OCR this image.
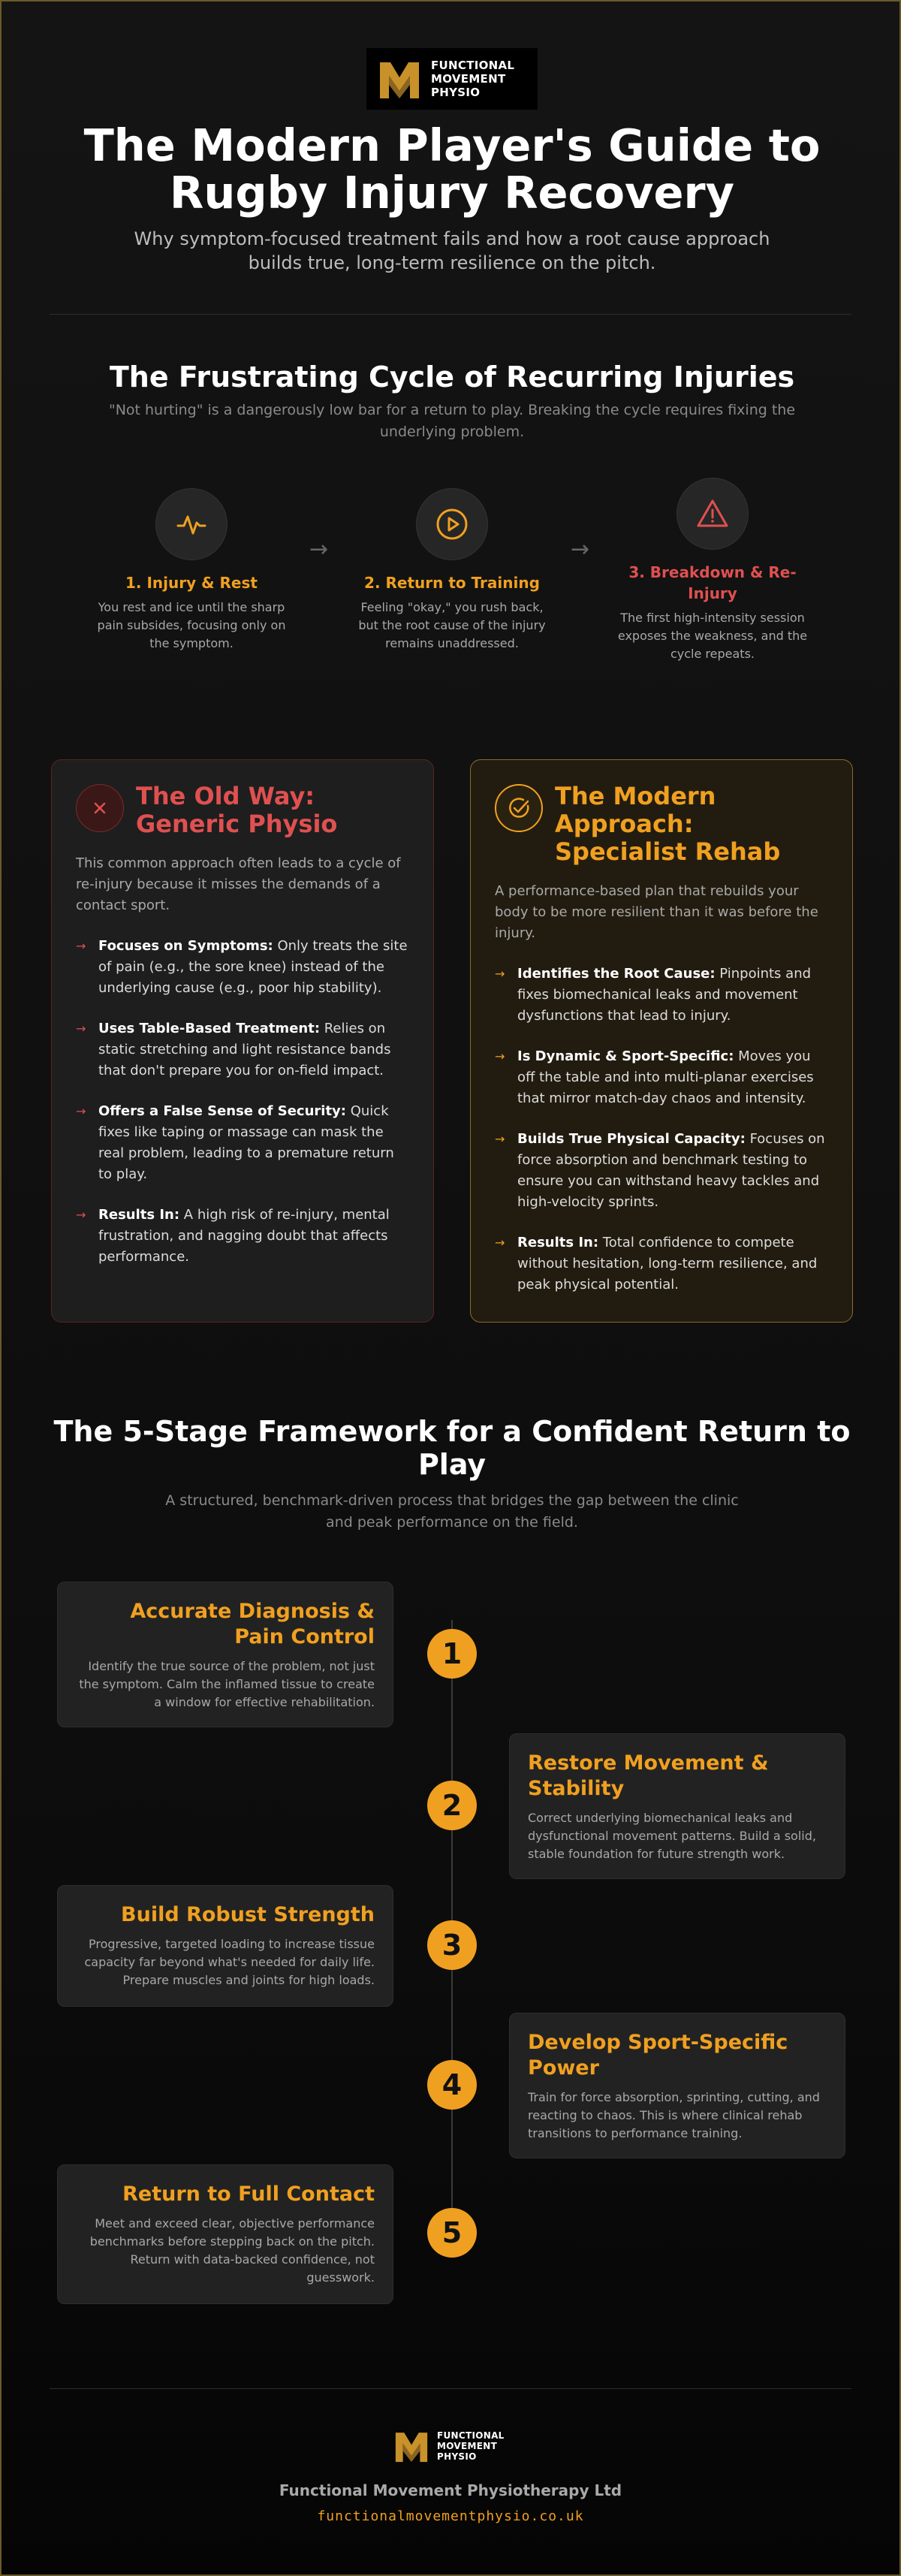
FUNCTIONAL
MOVEMENT
PHYSIO
The Modern Player's Guide to Rugby Injury Recovery

Why symptom-focused treatment fails and how a root cause approach builds true, long-term resilience on the pitch.

The Frustrating Cycle of Recurring Injuries

"Not hurting" is a dangerously low bar for a return to play. Breaking the cycle requires fixing the underlying problem.

1. Injury & Rest
You rest and ice until the sharp pain subsides, focusing only on the symptom.
→
2. Return to Training
Feeling "okay," you rush back, but the root cause of the injury remains unaddressed.
→
3. Breakdown & Re-Injury
The first high-intensity session exposes the weakness, and the cycle repeats.
The Old Way: Generic Physio

This common approach often leads to a cycle of re-injury because it misses the demands of a contact sport.

→ Focuses on Symptoms: Only treats the site of pain (e.g., the sore knee) instead of the underlying cause (e.g., poor hip stability).
→ Uses Table-Based Treatment: Relies on static stretching and light resistance bands that don't prepare you for on-field impact.
→ Offers a False Sense of Security: Quick fixes like taping or massage can mask the real problem, leading to a premature return to play.
→ Results In: A high risk of re-injury, mental frustration, and nagging doubt that affects performance.
The Modern Approach: Specialist Rehab

A performance-based plan that rebuilds your body to be more resilient than it was before the injury.

→ Identifies the Root Cause: Pinpoints and fixes biomechanical leaks and movement dysfunctions that lead to injury.
→ Is Dynamic & Sport-Specific: Moves you off the table and into multi-planar exercises that mirror match-day chaos and intensity.
→ Builds True Physical Capacity: Focuses on force absorption and benchmark testing to ensure you can withstand heavy tackles and high-velocity sprints.
→ Results In: Total confidence to compete without hesitation, long-term resilience, and peak physical potential.
The 5-Stage Framework for a Confident Return to Play

A structured, benchmark-driven process that bridges the gap between the clinic and peak performance on the field.

Accurate Diagnosis & Pain Control
Identify the true source of the problem, not just the symptom. Calm the inflamed tissue to create a window for effective rehabilitation.
1
2
Restore Movement & Stability
Correct underlying biomechanical leaks and dysfunctional movement patterns. Build a solid, stable foundation for future strength work.
Build Robust Strength
Progressive, targeted loading to increase tissue capacity far beyond what's needed for daily life. Prepare muscles and joints for high loads.
3
4
Develop Sport-Specific Power
Train for force absorption, sprinting, cutting, and reacting to chaos. This is where clinical rehab transitions to performance training.
Return to Full Contact
Meet and exceed clear, objective performance benchmarks before stepping back on the pitch. Return with data-backed confidence, not guesswork.
5
FUNCTIONAL
MOVEMENT
PHYSIO
Functional Movement Physiotherapy Ltd
functionalmovementphysio.co.uk
